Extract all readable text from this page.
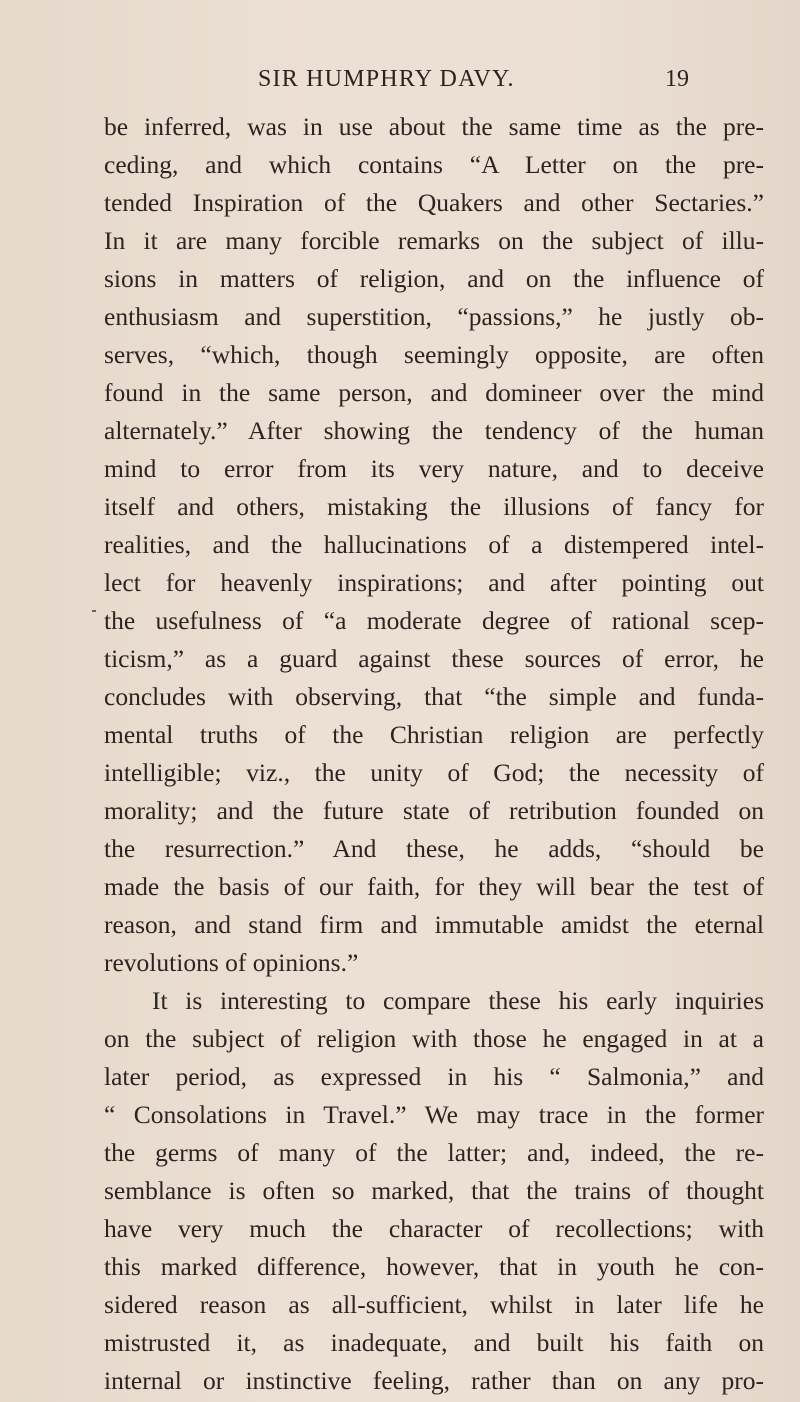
SIR HUMPHRY DAVY.	19
be inferred, was in use about the same time as the pre-
ceding, and which contains “A Letter on the pre-
tended Inspiration of the Quakers and other Sectaries.”
In it are many forcible remarks on the subject of illu-
sions in matters of religion, and on the influence of
enthusiasm and superstition, “passions,” he justly ob-
serves, “which, though seemingly opposite, are often
found in the same person, and domineer over the mind
alternately.” After showing the tendency of the human
mind to error from its very nature, and to deceive
itself and others, mistaking the illusions of fancy for
realities, and the hallucinations of a distempered intel-
lect for heavenly inspirations; and after pointing out
the usefulness of “a moderate degree of rational scep-
ticism,” as a guard against these sources of error, he
concludes with observing, that “the simple and funda-
mental truths of the Christian religion are perfectly
intelligible; viz., the unity of God; the necessity of
morality; and the future state of retribution founded on
the resurrection.” And these, he adds, “should be
made the basis of our faith, for they will bear the test of
reason, and stand firm and immutable amidst the eternal
revolutions of opinions.”
It is interesting to compare these his early inquiries
on the subject of religion with those he engaged in at a
later period, as expressed in his “ Salmonia,” and
“ Consolations in Travel.” We may trace in the former
the germs of many of the latter; and, indeed, the re-
semblance is often so marked, that the trains of thought
have very much the character of recollections; with
this marked difference, however, that in youth he con-
sidered reason as all-sufficient, whilst in later life he
mistrusted it, as inadequate, and built his faith on
internal or instinctive feeling, rather than on any pro-
